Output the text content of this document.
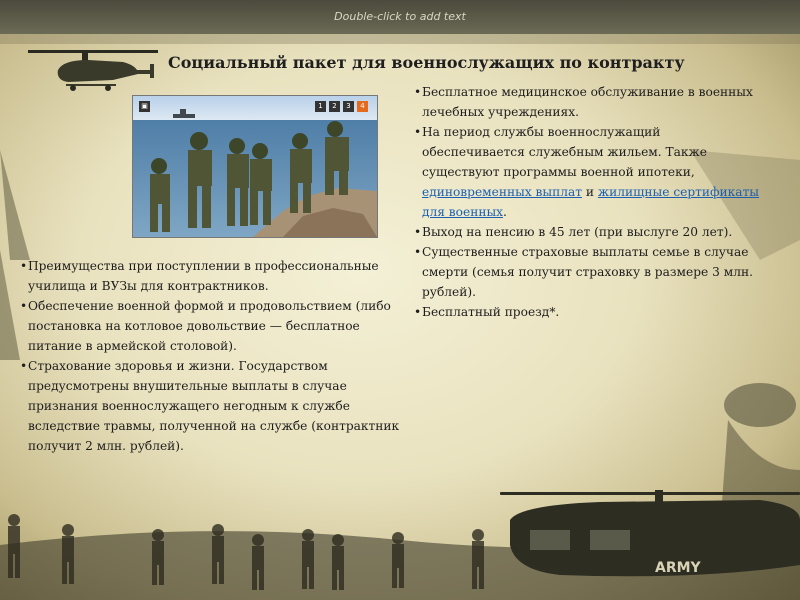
ARMY
Double-click to add text
Социальный пакет для военнослужащих по контракту
▣	1	2	3	4
• Бесплатное медицинское обслуживание в военных лечебных учреждениях.
• На период службы военнослужащий обеспечивается служебным жильем. Также существуют программы военной ипотеки, единовременных выплат и жилищные сертификаты для военных.
• Выход на пенсию в 45 лет (при выслуге 20 лет).
• Существенные страховые выплаты семье в случае смерти (семья получит страховку в размере 3 млн. рублей).
• Бесплатный проезд*.
• Преимущества при поступлении в профессиональные училища и ВУЗы для контрактников.
• Обеспечение военной формой и продовольствием (либо постановка на котловое довольствие — бесплатное питание в армейской столовой).
• Страхование здоровья и жизни. Государством предусмотрены внушительные выплаты в случае признания военнослужащего негодным к службе вследствие травмы, полученной на службе (контрактник получит 2 млн. рублей).
